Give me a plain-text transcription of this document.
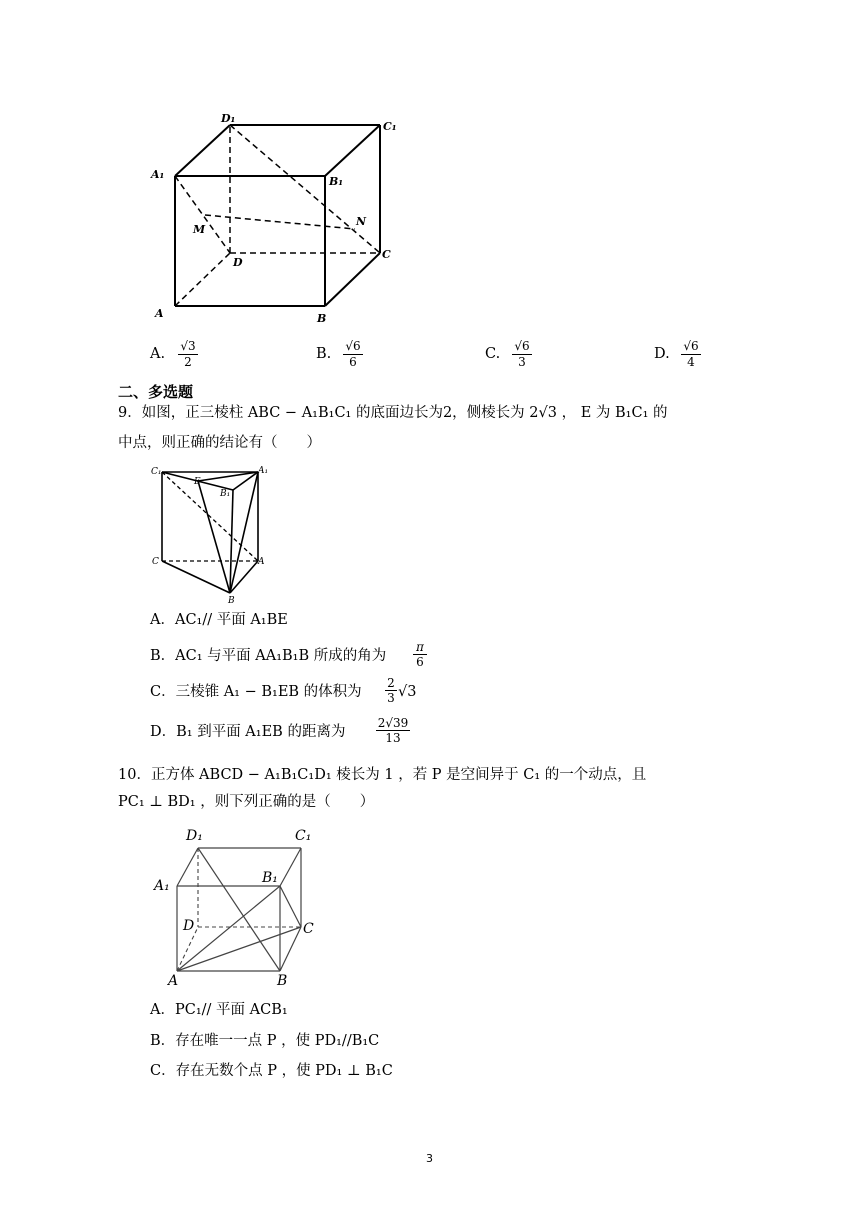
D₁
C₁
A₁
B₁
M
N
D
C
A	B
A. √3
2	B. √6
6	C. √6
3	D. √6
4
二、多选题
9．如图，正三棱柱 ABC − A₁B₁C₁ 的底面边长为2，侧棱长为 2√3 ， E 为 B₁C₁ 的
中点，则正确的结论有（　　）
C₁	A₁
E
B₁
C	A
B
A．AC₁// 平面 A₁BE
B．AC₁ 与平面 AA₁B₁B 所成的角为
π
6
C．三棱锥 A₁ − B₁EB 的体积为
2
3 √3
D．B₁ 到平面 A₁EB 的距离为
2√39
13
10．正方体 ABCD − A₁B₁C₁D₁ 棱长为 1 ，若 P 是空间异于 C₁ 的一个动点，且
PC₁ ⊥ BD₁ ，则下列正确的是（　　）
D₁	C₁
A₁	B₁
D	C
A	B
A．PC₁// 平面 ACB₁
B．存在唯一一点 P ，使 PD₁//B₁C
C．存在无数个点 P ，使 PD₁ ⊥ B₁C
3
